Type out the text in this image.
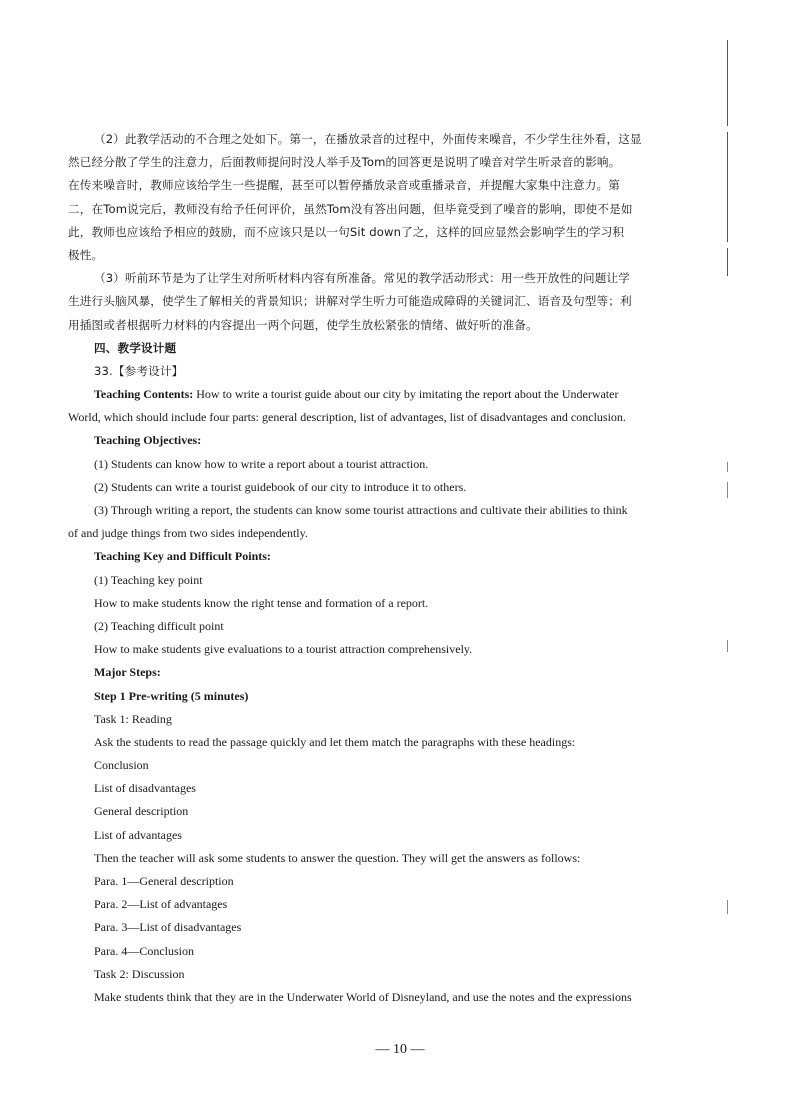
（2）此教学活动的不合理之处如下。第一，在播放录音的过程中，外面传来噪音，不少学生往外看，这显
然已经分散了学生的注意力，后面教师提问时没人举手及Tom的回答更是说明了噪音对学生听录音的影响。
在传来噪音时，教师应该给学生一些提醒，甚至可以暂停播放录音或重播录音，并提醒大家集中注意力。第
二，在Tom说完后，教师没有给予任何评价，虽然Tom没有答出问题，但毕竟受到了噪音的影响，即使不是如
此，教师也应该给予相应的鼓励，而不应该只是以一句Sit down了之，这样的回应显然会影响学生的学习积
极性。
（3）听前环节是为了让学生对所听材料内容有所准备。常见的教学活动形式：用一些开放性的问题让学
生进行头脑风暴，使学生了解相关的背景知识；讲解对学生听力可能造成障碍的关键词汇、语音及句型等；利
用插图或者根据听力材料的内容提出一两个问题，使学生放松紧张的情绪、做好听的准备。
四、教学设计题
33.【参考设计】
Teaching Contents: How to write a tourist guide about our city by imitating the report about the Underwater
World, which should include four parts: general description, list of advantages, list of disadvantages and conclusion.
Teaching Objectives:
(1) Students can know how to write a report about a tourist attraction.
(2) Students can write a tourist guidebook of our city to introduce it to others.
(3) Through writing a report, the students can know some tourist attractions and cultivate their abilities to think
of and judge things from two sides independently.
Teaching Key and Difficult Points:
(1) Teaching key point
How to make students know the right tense and formation of a report.
(2) Teaching difficult point
How to make students give evaluations to a tourist attraction comprehensively.
Major Steps:
Step 1 Pre-writing (5 minutes)
Task 1: Reading
Ask the students to read the passage quickly and let them match the paragraphs with these headings:
Conclusion
List of disadvantages
General description
List of advantages
Then the teacher will ask some students to answer the question. They will get the answers as follows:
Para. 1—General description
Para. 2—List of advantages
Para. 3—List of disadvantages
Para. 4—Conclusion
Task 2: Discussion
Make students think that they are in the Underwater World of Disneyland, and use the notes and the expressions
— 10 —
